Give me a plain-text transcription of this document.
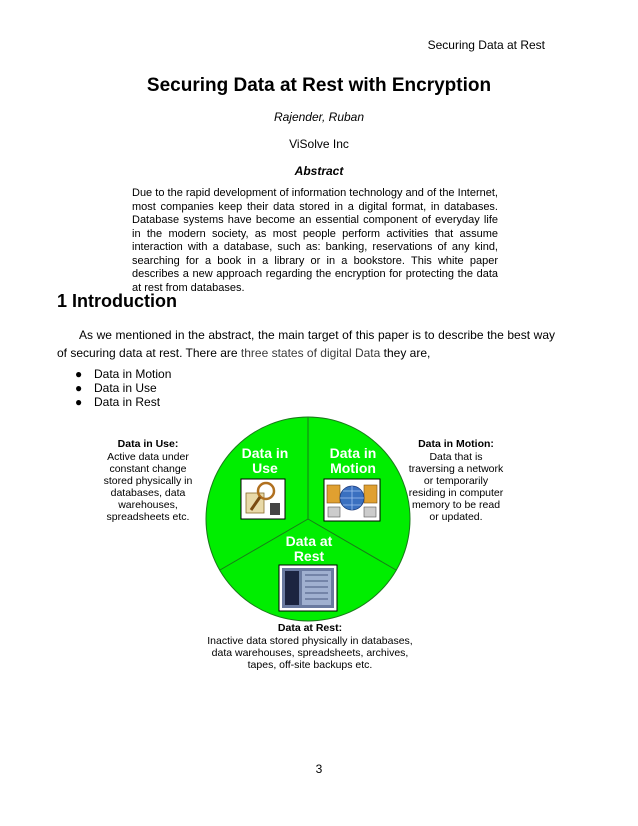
Securing Data at Rest
Securing Data at Rest with Encryption
Rajender, Ruban
ViSolve Inc
Abstract

Due to the rapid development of information technology and of the Internet, most companies keep their data stored in a digital format, in databases. Database systems have become an essential component of everyday life in the modern society, as most people perform activities that assume interaction with a database, such as: banking, reservations of any kind, searching for a book in a library or in a bookstore. This white paper describes a new approach regarding the encryption for protecting the data at rest from databases.

1 Introduction

As we mentioned in the abstract, the main target of this paper is to describe the best way of securing data at rest. There are three states of digital Data they are,

● Data in Motion
● Data in Use
● Data in Rest
Data in
Use
Data in
Motion
Data at
Rest
Data in Use:
Active data under
constant change
stored physically in
databases, data
warehouses,
spreadsheets etc.
Data in Motion:
Data that is
traversing a network
or temporarily
residing in computer
memory to be read
or updated.
Data at Rest:
Inactive data stored physically in databases,
data warehouses, spreadsheets, archives,
tapes, off-site backups etc.
3
